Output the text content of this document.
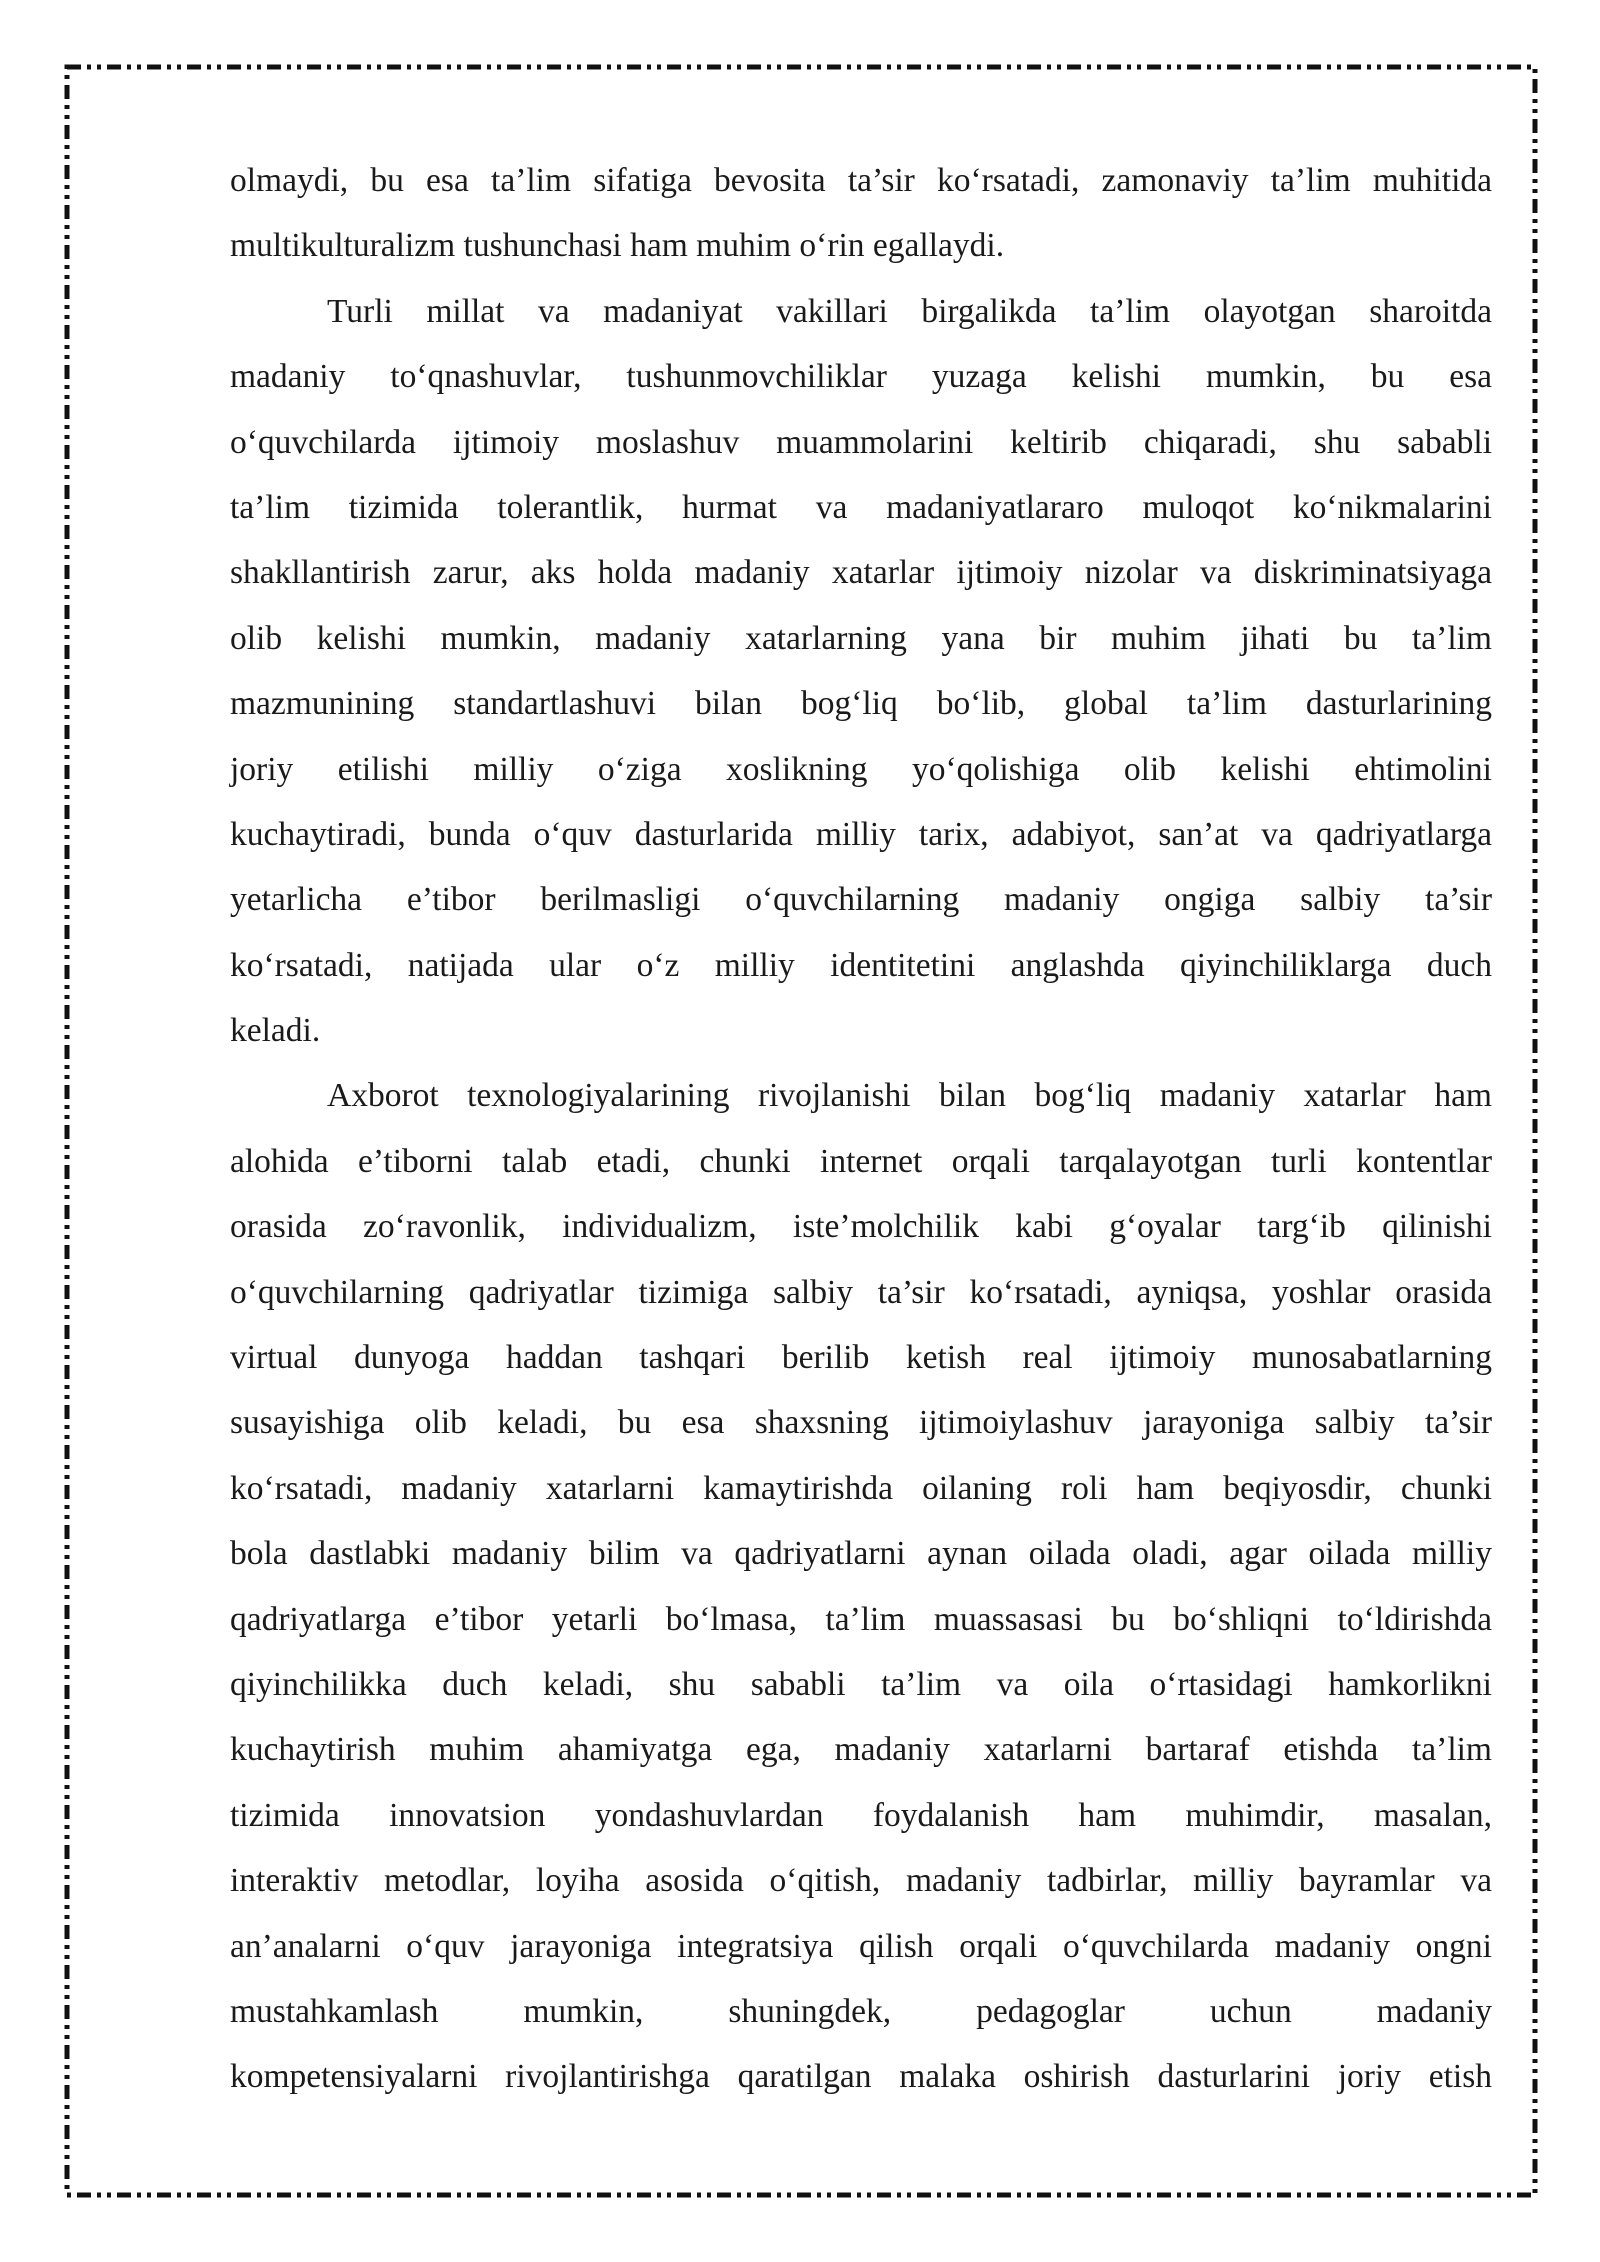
olmaydi, bu esa ta’lim sifatiga bevosita ta’sir ko‘rsatadi, zamonaviy ta’lim muhitida
multikulturalizm tushunchasi ham muhim o‘rin egallaydi.
Turli millat va madaniyat vakillari birgalikda ta’lim olayotgan sharoitda
madaniy to‘qnashuvlar, tushunmovchiliklar yuzaga kelishi mumkin, bu esa
o‘quvchilarda ijtimoiy moslashuv muammolarini keltirib chiqaradi, shu sababli
ta’lim tizimida tolerantlik, hurmat va madaniyatlararo muloqot ko‘nikmalarini
shakllantirish zarur, aks holda madaniy xatarlar ijtimoiy nizolar va diskriminatsiyaga
olib kelishi mumkin, madaniy xatarlarning yana bir muhim jihati bu ta’lim
mazmunining standartlashuvi bilan bog‘liq bo‘lib, global ta’lim dasturlarining
joriy etilishi milliy o‘ziga xoslikning yo‘qolishiga olib kelishi ehtimolini
kuchaytiradi, bunda o‘quv dasturlarida milliy tarix, adabiyot, san’at va qadriyatlarga
yetarlicha e’tibor berilmasligi o‘quvchilarning madaniy ongiga salbiy ta’sir
ko‘rsatadi, natijada ular o‘z milliy identitetini anglashda qiyinchiliklarga duch
keladi.
Axborot texnologiyalarining rivojlanishi bilan bog‘liq madaniy xatarlar ham
alohida e’tiborni talab etadi, chunki internet orqali tarqalayotgan turli kontentlar
orasida zo‘ravonlik, individualizm, iste’molchilik kabi g‘oyalar targ‘ib qilinishi
o‘quvchilarning qadriyatlar tizimiga salbiy ta’sir ko‘rsatadi, ayniqsa, yoshlar orasida
virtual dunyoga haddan tashqari berilib ketish real ijtimoiy munosabatlarning
susayishiga olib keladi, bu esa shaxsning ijtimoiylashuv jarayoniga salbiy ta’sir
ko‘rsatadi, madaniy xatarlarni kamaytirishda oilaning roli ham beqiyosdir, chunki
bola dastlabki madaniy bilim va qadriyatlarni aynan oilada oladi, agar oilada milliy
qadriyatlarga e’tibor yetarli bo‘lmasa, ta’lim muassasasi bu bo‘shliqni to‘ldirishda
qiyinchilikka duch keladi, shu sababli ta’lim va oila o‘rtasidagi hamkorlikni
kuchaytirish muhim ahamiyatga ega, madaniy xatarlarni bartaraf etishda ta’lim
tizimida innovatsion yondashuvlardan foydalanish ham muhimdir, masalan,
interaktiv metodlar, loyiha asosida o‘qitish, madaniy tadbirlar, milliy bayramlar va
an’analarni o‘quv jarayoniga integratsiya qilish orqali o‘quvchilarda madaniy ongni
mustahkamlash mumkin, shuningdek, pedagoglar uchun madaniy
kompetensiyalarni rivojlantirishga qaratilgan malaka oshirish dasturlarini joriy etish
